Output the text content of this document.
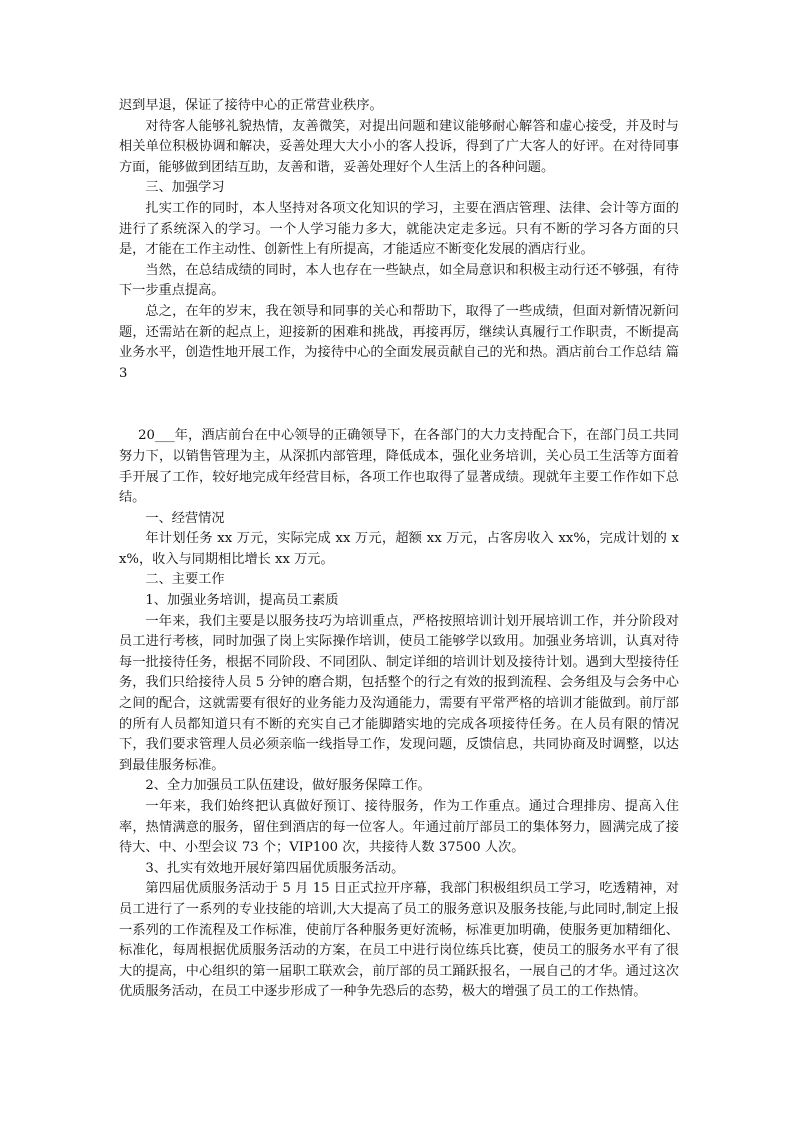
迟到早退，保证了接待中心的正常营业秩序。

对待客人能够礼貌热情，友善微笑，对提出问题和建议能够耐心解答和虚心接受，并及时与相关单位积极协调和解决，妥善处理大大小小的客人投诉，得到了广大客人的好评。在对待同事方面，能够做到团结互助，友善和谐，妥善处理好个人生活上的各种问题。

三、加强学习

扎实工作的同时，本人坚持对各项文化知识的学习，主要在酒店管理、法律、会计等方面的进行了系统深入的学习。一个人学习能力多大，就能决定走多远。只有不断的学习各方面的只是，才能在工作主动性、创新性上有所提高，才能适应不断变化发展的酒店行业。

当然，在总结成绩的同时，本人也存在一些缺点，如全局意识和积极主动行还不够强，有待下一步重点提高。

总之，在年的岁末，我在领导和同事的关心和帮助下，取得了一些成绩，但面对新情况新问题，还需站在新的起点上，迎接新的困难和挑战，再接再厉，继续认真履行工作职责，不断提高业务水平，创造性地开展工作，为接待中心的全面发展贡献自己的光和热。酒店前台工作总结 篇 3

20___年，酒店前台在中心领导的正确领导下，在各部门的大力支持配合下，在部门员工共同努力下，以销售管理为主，从深抓内部管理，降低成本，强化业务培训，关心员工生活等方面着手开展了工作，较好地完成年经营目标，各项工作也取得了显著成绩。现就年主要工作作如下总结。

一、经营情况

年计划任务 xx 万元，实际完成 xx 万元，超额 xx 万元，占客房收入 xx%，完成计划的 xx%，收入与同期相比增长 xx 万元。

二、主要工作

1、加强业务培训，提高员工素质

一年来，我们主要是以服务技巧为培训重点，严格按照培训计划开展培训工作，并分阶段对员工进行考核，同时加强了岗上实际操作培训，使员工能够学以致用。加强业务培训，认真对待每一批接待任务，根据不同阶段、不同团队、制定详细的培训计划及接待计划。遇到大型接待任务，我们只给接待人员 5 分钟的磨合期，包括整个的行之有效的报到流程、会务组及与会务中心之间的配合，这就需要有很好的业务能力及沟通能力，需要有平常严格的培训才能做到。前厅部的所有人员都知道只有不断的充实自己才能脚踏实地的完成各项接待任务。在人员有限的情况下，我们要求管理人员必须亲临一线指导工作，发现问题，反馈信息，共同协商及时调整，以达到最佳服务标准。

2、全力加强员工队伍建设，做好服务保障工作。

一年来，我们始终把认真做好预订、接待服务，作为工作重点。通过合理排房、提高入住率，热情满意的服务，留住到酒店的每一位客人。年通过前厅部员工的集体努力，圆满完成了接待大、中、小型会议 73 个；VIP100 次，共接待人数 37500 人次。

3、扎实有效地开展好第四届优质服务活动。

第四届优质服务活动于 5 月 15 日正式拉开序幕，我部门积极组织员工学习，吃透精神，对员工进行了一系列的专业技能的培训,大大提高了员工的服务意识及服务技能,与此同时,制定上报一系列的工作流程及工作标准，使前厅各种服务更好流畅，标准更加明确，使服务更加精细化、标准化，每周根据优质服务活动的方案，在员工中进行岗位练兵比赛，使员工的服务水平有了很大的提高，中心组织的第一届职工联欢会，前厅部的员工踊跃报名，一展自己的才华。通过这次优质服务活动，在员工中逐步形成了一种争先恐后的态势，极大的增强了员工的工作热情。
